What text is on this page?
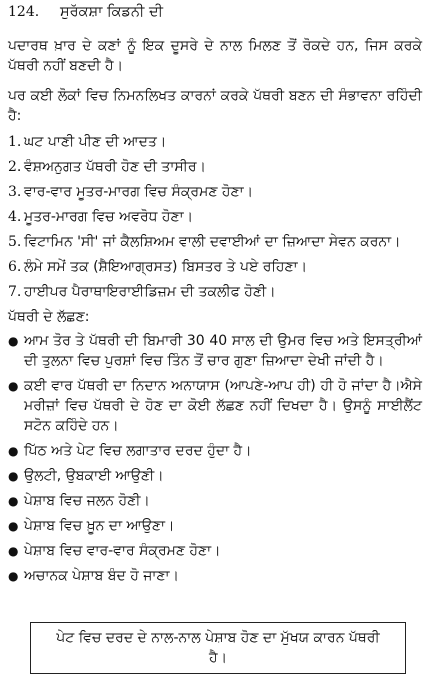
124.	ਸੁਰੱਕਸ਼ਾ ਕਿਡਨੀ ਦੀ

ਪਦਾਰਥ ਖ਼ਾਰ ਦੇ ਕਣਾਂ ਨੂੰ ਇਕ ਦੂਸਰੇ ਦੇ ਨਾਲ ਮਿਲਣ ਤੋਂ ਰੋਕਦੇ ਹਨ, ਜਿਸ ਕਰਕੇ ਪੱਥਰੀ ਨਹੀਂ ਬਣਦੀ ਹੈ।

ਪਰ ਕਈ ਲੋਕਾਂ ਵਿਚ ਨਿਮਨਲਿਖਤ ਕਾਰਨਾਂ ਕਰਕੇ ਪੱਥਰੀ ਬਣਨ ਦੀ ਸੰਭਾਵਨਾ ਰਹਿੰਦੀ ਹੈ:

1. ਘਟ ਪਾਣੀ ਪੀਣ ਦੀ ਆਦਤ।
2. ਵੰਸ਼ਅਨੁਗਤ ਪੱਥਰੀ ਹੋਣ ਦੀ ਤਾਸੀਰ।
3. ਵਾਰ-ਵਾਰ ਮੂਤਰ-ਮਾਰਗ ਵਿਚ ਸੰਕ੍ਰਮਣ ਹੋਣਾ।
4. ਮੂਤਰ-ਮਾਰਗ ਵਿਚ ਅਵਰੋਧ ਹੋਣਾ।
5. ਵਿਟਾਮਿਨ 'ਸੀ' ਜਾਂ ਕੈਲਸ਼ਿਅਮ ਵਾਲੀ ਦਵਾਈਆਂ ਦਾ ਜ਼ਿਆਦਾ ਸੇਵਨ ਕਰਨਾ।
6. ਲੰਮੇ ਸਮੇਂ ਤਕ (ਸ਼ੈਇਆਗ੍ਰਸਤ) ਬਿਸਤਰ ਤੇ ਪਏ ਰਹਿਣਾ।
7. ਹਾਈਪਰ ਪੈਰਾਥਾਇਰਾਈਡਿਜ਼ਮ ਦੀ ਤਕਲੀਫ ਹੋਣੀ।
ਪੱਥਰੀ ਦੇ ਲੱਛਣ:
● ਆਮ ਤੋਰ ਤੇ ਪੱਥਰੀ ਦੀ ਬਿਮਾਰੀ 30 40 ਸਾਲ ਦੀ ਉਮਰ ਵਿਚ ਅਤੇ ਇਸਤ੍ਰੀਆਂ ਦੀ ਤੁਲਨਾ ਵਿਚ ਪੁਰਸ਼ਾਂ ਵਿਚ ਤਿੰਨ ਤੋਂ ਚਾਰ ਗੁਣਾ ਜ਼ਿਆਦਾ ਦੇਖੀ ਜਾਂਦੀ ਹੈ।
● ਕਈ ਵਾਰ ਪੱਥਰੀ ਦਾ ਨਿਦਾਨ ਅਨਾਯਾਸ (ਆਪਣੇ-ਆਪ ਹੀ) ਹੀ ਹੋ ਜਾਂਦਾ ਹੈ।ਐਸੇ ਮਰੀਜ਼ਾਂ ਵਿਚ ਪੱਥਰੀ ਦੇ ਹੋਣ ਦਾ ਕੋਈ ਲੱਛਣ ਨਹੀਂ ਦਿਖਦਾ ਹੈ। ਉਸਨੂੰ ਸਾਈਲੈਂਟ ਸਟੋਨ ਕਹਿੰਦੇ ਹਨ।
● ਪਿੱਠ ਅਤੇ ਪੇਟ ਵਿਚ ਲਗਾਤਾਰ ਦਰਦ ਹੁੰਦਾ ਹੈ।
● ਉਲਟੀ, ਉਬਕਾਈ ਆਉਣੀ।
● ਪੇਸ਼ਾਬ ਵਿਚ ਜਲਨ ਹੋਣੀ।
● ਪੇਸ਼ਾਬ ਵਿਚ ਖ਼ੂਨ ਦਾ ਆਉਣਾ।
● ਪੇਸ਼ਾਬ ਵਿਚ ਵਾਰ-ਵਾਰ ਸੰਕ੍ਰਮਣ ਹੋਣਾ।
● ਅਚਾਨਕ ਪੇਸ਼ਾਬ ਬੰਦ ਹੋ ਜਾਣਾ।
ਪੇਟ ਵਿਚ ਦਰਦ ਦੇ ਨਾਲ-ਨਾਲ ਪੇਸ਼ਾਬ ਹੋਣ ਦਾ ਮੁੱਖਯ ਕਾਰਨ ਪੱਥਰੀ ਹੈ।
